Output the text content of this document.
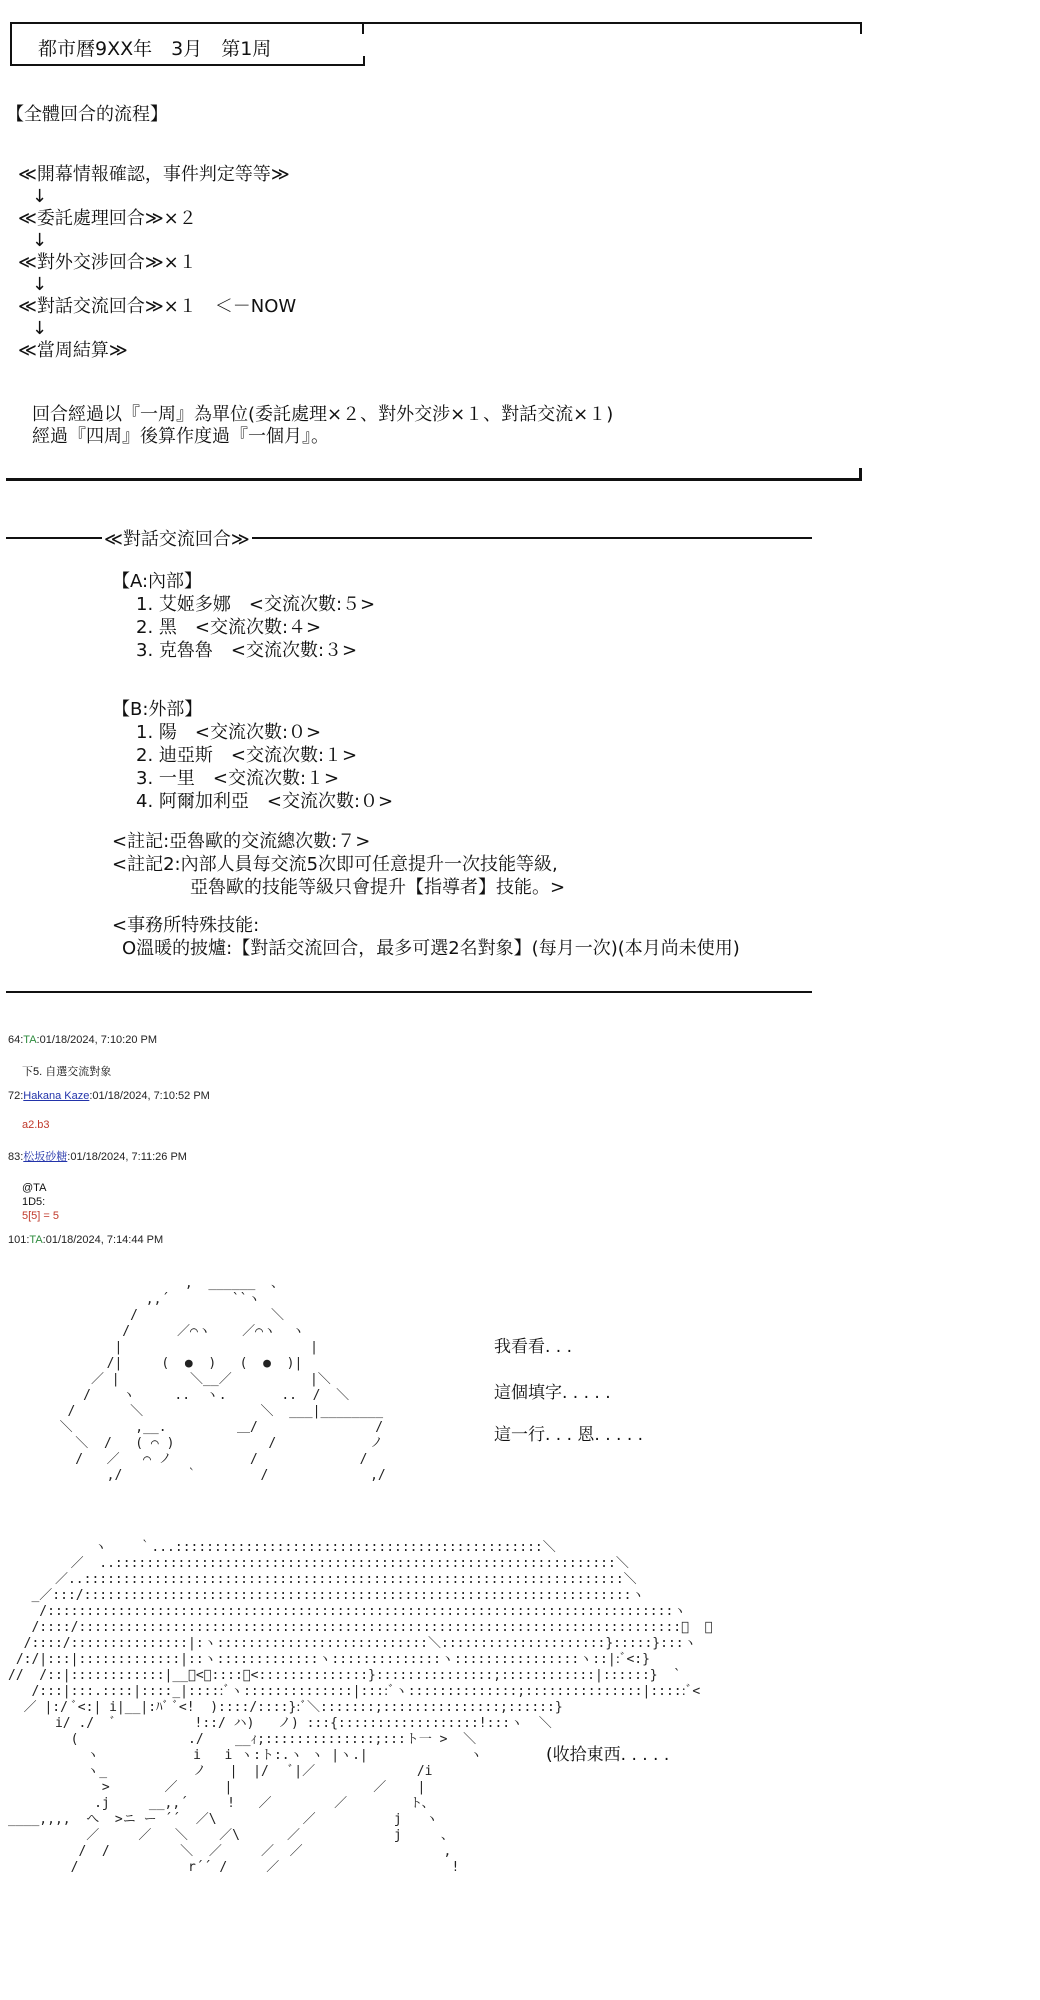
都市曆9XX年　3月　第1周
【全體回合的流程】
≪開幕情報確認，事件判定等等≫
↓
≪委託處理回合≫×２
↓
≪對外交涉回合≫×１
↓
≪對話交流回合≫×１　＜－NOW
↓
≪當周結算≫
回合經過以『一周』為單位(委託處理×２、對外交涉×１、對話交流×１)
經過『四周』後算作度過『一個月』。
≪對話交流回合≫
【A:內部】
1. 艾姬多娜　<交流次數:５>
2. 黑　<交流次數:４>
3. 克魯魯　<交流次數:３>
【B:外部】
1. 陽　<交流次數:０>
2. 迪亞斯　<交流次數:１>
3. 一里　<交流次數:１>
4. 阿爾加利亞　<交流次數:０>
<註記:亞魯歐的交流總次數:７>
<註記2:內部人員每交流5次即可任意提升一次技能等級,
亞魯歐的技能等級只會提升【指導者】技能。>
<事務所特殊技能:
O溫暖的披爐:【對話交流回合，最多可選2名對象】(每月一次)(本月尚未使用)
64:TA:01/18/2024, 7:10:20 PM
下5. 自選交流對象
72:Hakana Kaze:01/18/2024, 7:10:52 PM
a2.b3
83:松坂砂糖:01/18/2024, 7:11:26 PM
@TA
1D5:
5[5] = 5
101:TA:01/18/2024, 7:14:44 PM
,  ______  、
,,´        ``ヽ
/                 ＼
/      ／⌒ヽ    ／⌒ヽ  ヽ
|                        |
/|     (  ●  )   (  ●  )|
／ |         ＼__／          |＼
/    ヽ     ..  ヽ.       ..  /  ＼
/       ＼               ＼  ___|________
＼        ,__.         ＿/               /
＼  /   ( ⌒ )            /            ノ
/   ／   ⌒ ノ          /             /
,/        ｀        /             ,/
ヽ    ｀...:::::::::::::::::::::::::::::::::::::::::::::::＼
／  ..::::::::::::::::::::::::::::::::::::::::::::::::::::::::::::::::＼
／..:::::::::::::::::::::::::::::::::::::::::::::::::::::::::::::::::::::＼
_／:::/::::::::::::::::::::::::::::::::::::::::::::::::::::::::::::::::::::::ヽ
/::::::::::::::::::::::::::::::::::::::::::::::::::::::::::::::::::::::::::::::::ヽ
/::::/:::::::::::::::::::::::::::::::::::::::::::::::::::::::::::::::::::::::::::::ﾞ  、
/::::/:::::::::::::::|:ヽ:::::::::::::::::::::::::::＼:::::::::::::::::::::}:::::}:::ヽ
/:/|:::|:::::::::::::|::ヽ:::::::::::::ヽ::::::::::::::ヽ::::::::::::::::ヽ::|:ﾞ<:}
//  /::|::::::::::::|__ﾞ<ﾞ::::ﾞ<::::::::::::::}:::::::::::::::;::::::::::::|::::::}  `
/:::|:::.::::|::::_|:::::ﾞヽ::::::::::::::|::::ﾞヽ::::::::::::::;:::::::::::::::|:::::ﾞ<
／ |:/ ﾞ<:| i|__|:ﾊﾞ ﾞ<!  )::::/::::}:ﾞ＼:::::::;:::::::::::::::;::::::}
i/ ./  ﾞ          !::/ ハ)   ノ) :::{::::::::::::::::::!:::ヽ  ＼
(              ./    __ｨ;::::::::::::::;:::ト一 >  ＼
ヽ            i   i ヽ:ト:.ヽ ヽ |ヽ.|             ヽ
ヽ_           ノ   |  |/   ﾞ|／             /i
>       ／      |                  ／    |
.j     __,,´     !   ／        ／        ト、
____,,,,  へ  >ニ ー ´´  ／\           ／          j   ヽ
／     ／   ＼    ／\      ／            j     、
/  /         ＼  ／     ／  ／                  ,
/              r´´ /     ／                      !
我看看. . .
這個填字. . . . .
這一行. . . 恩. . . . .
(收拾東西. . . . .
